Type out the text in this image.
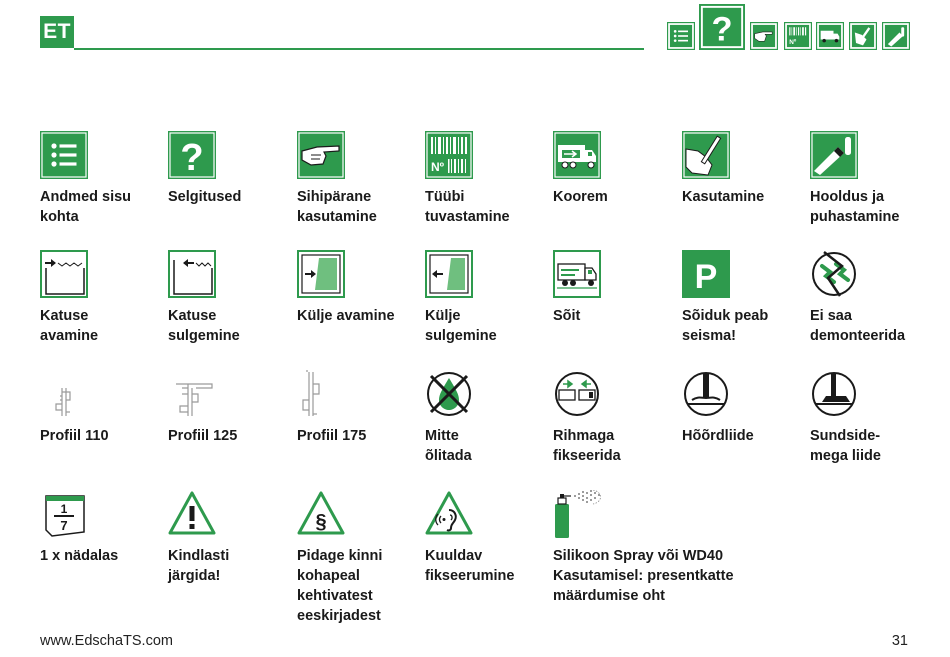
ET	?	Nº
Andmed sisu
kohta
?
Selgitused	Sihipärane
kasutamine
Nº
Tüübi
tuvastamine
Koorem	Kasutamine	Hooldus ja
puhastamine
Katuse
avamine
Katuse
sulgemine
Külje avamine	Külje
sulgemine
Sõit
P
Sõiduk peab
seisma!
Ei saa
demonteerida
Profiil 110	Profiil 125	Profiil 175	Mitte
õlitada
Rihmaga
fikseerida
Hõõrdliide	Sundside-
mega liide
1
7
1 x nädalas	Kindlasti
järgida!
§
Pidage kinni
kohapeal
kehtivatest
eeskirjadest
Kuuldav
fikseerumine
Silikoon Spray või WD40
Kasutamisel: presentkatte
määrdumise oht
www.EdschaTS.com	31
